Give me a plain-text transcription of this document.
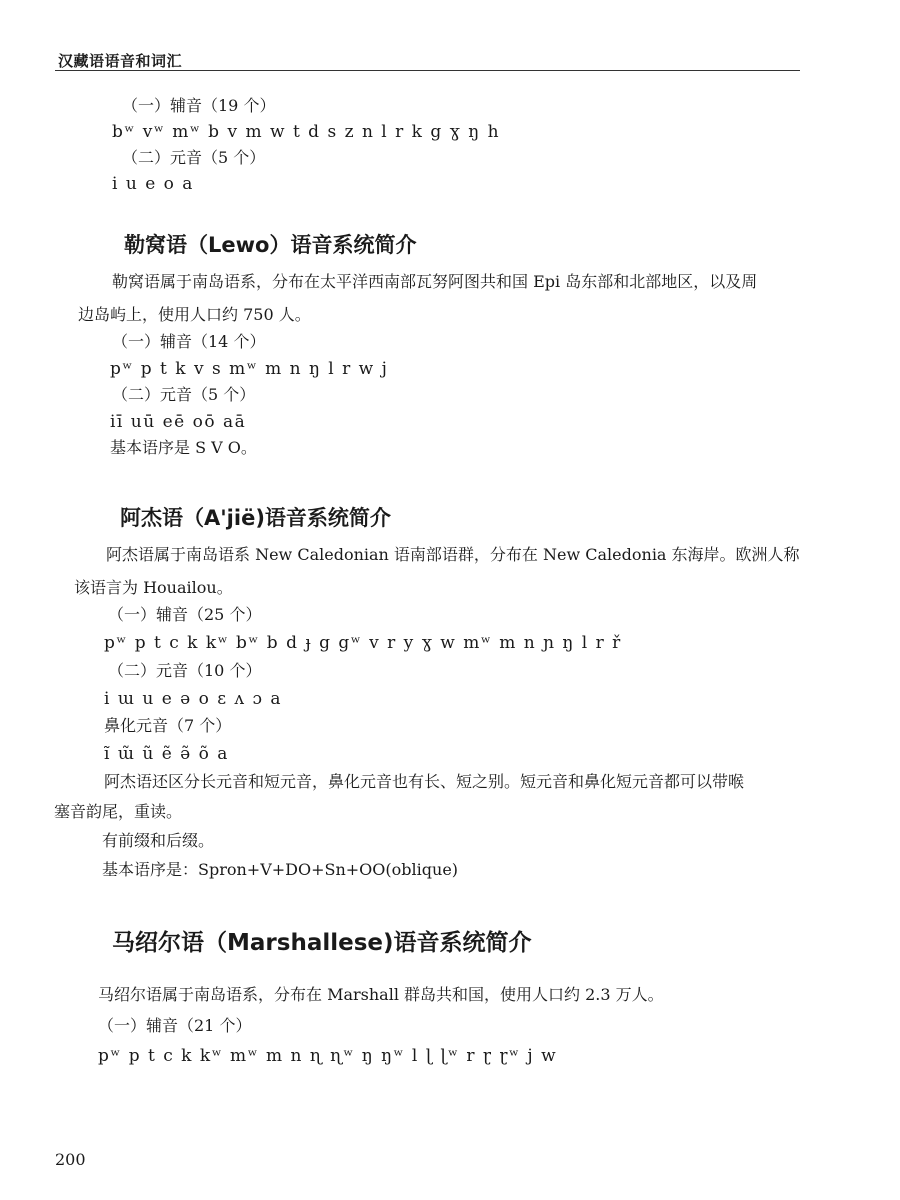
汉藏语语音和词汇
（一）辅音（19 个）
bʷ vʷ mʷ b v m w t d s z n l r k g ɣ ŋ h
（二）元音（5 个）
i u e o a
勒窝语（Lewo）语音系统简介
勒窝语属于南岛语系，分布在太平洋西南部瓦努阿图共和国 Epi 岛东部和北部地区，以及周
边岛屿上，使用人口约 750 人。
（一）辅音（14 个）
pʷ p t k v s mʷ m n ŋ l r w j
（二）元音（5 个）
iī uū eē oō aā
基本语序是 S V O。
阿杰语（A'jië)语音系统简介
阿杰语属于南岛语系 New Caledonian 语南部语群，分布在 New Caledonia 东海岸。欧洲人称
该语言为 Houailou。
（一）辅音（25 个）
pʷ p t c k kʷ bʷ b d ɟ g gʷ v r y ɣ w mʷ m n ɲ ŋ l r ř
（二）元音（10 个）
i ɯ u e ə o ɛ ʌ ɔ a
鼻化元音（7 个）
ĩ ɯ̃ ũ ẽ ə̃ õ a
阿杰语还区分长元音和短元音，鼻化元音也有长、短之别。短元音和鼻化短元音都可以带喉
塞音韵尾，重读。
有前缀和后缀。
基本语序是：Spron+V+DO+Sn+OO(oblique)
马绍尔语（Marshallese)语音系统简介
马绍尔语属于南岛语系，分布在 Marshall 群岛共和国，使用人口约 2.3 万人。
（一）辅音（21 个）
pʷ p t c k kʷ mʷ m n ɳ ɳʷ ŋ ŋʷ l ɭ ɭʷ r ɽ ɽʷ j w
200
